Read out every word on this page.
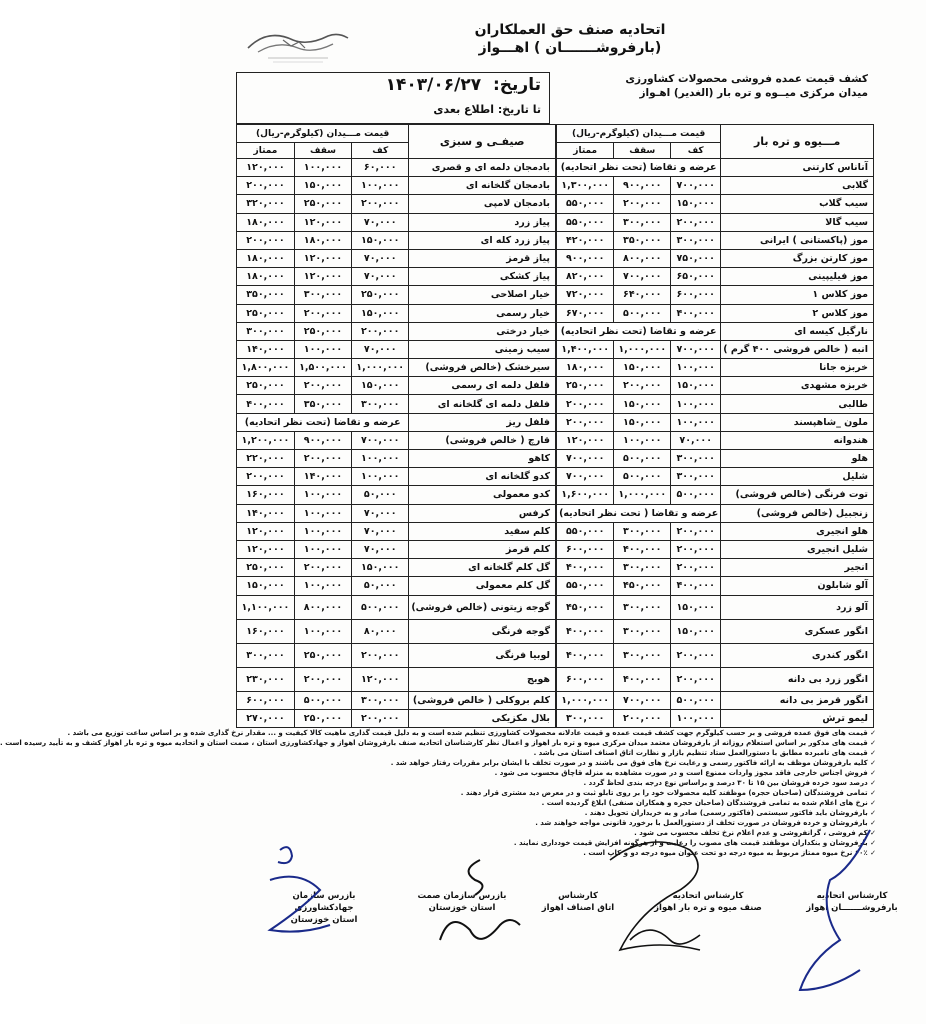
اتحادیه صنف حق العملکاران
(بارفروشـــــــان ) اهـــواز
کشف قیمت عمده فروشی محصولات کشاورزی
میدان مرکزی میــوه و تره بار (الغدیر) اهـواز
تاریخ: ۱۴۰۳/۰۶/۲۷
تا تاریخ: اطلاع بعدی
مـــیوه و تره بار	قیمت مـــیدان (کیلوگرم-ریال)		
	کف	سقف	ممتاز
آناناس کارتنی	عرضه و تقاضا (تحت نظر اتحادیه)		
گلابی	۷۰۰,۰۰۰	۹۰۰,۰۰۰	۱,۳۰۰,۰۰۰
سیب گلاب	۱۵۰,۰۰۰	۲۰۰,۰۰۰	۵۵۰,۰۰۰
سیب گالا	۲۰۰,۰۰۰	۳۰۰,۰۰۰	۵۵۰,۰۰۰
موز (پاکستانی ) ایرانی	۳۰۰,۰۰۰	۳۵۰,۰۰۰	۴۲۰,۰۰۰
موز کارتن بزرگ	۷۵۰,۰۰۰	۸۰۰,۰۰۰	۹۰۰,۰۰۰
موز فیلیپینی	۶۵۰,۰۰۰	۷۰۰,۰۰۰	۸۲۰,۰۰۰
موز کلاس ۱	۶۰۰,۰۰۰	۶۴۰,۰۰۰	۷۲۰,۰۰۰
موز کلاس ۲	۴۰۰,۰۰۰	۵۰۰,۰۰۰	۶۷۰,۰۰۰
نارگیل کیسه ای	عرضه و تقاضا (تحت نظر اتحادیه)		
انبه ( خالص فروشی ۴۰۰ گرم )	۷۰۰,۰۰۰	۱,۰۰۰,۰۰۰	۱,۴۰۰,۰۰۰
خربزه جانا	۱۰۰,۰۰۰	۱۵۰,۰۰۰	۱۸۰,۰۰۰
خربزه مشهدی	۱۵۰,۰۰۰	۲۰۰,۰۰۰	۲۵۰,۰۰۰
طالبی	۱۰۰,۰۰۰	۱۵۰,۰۰۰	۲۰۰,۰۰۰
ملون _شاهپسند	۱۰۰,۰۰۰	۱۵۰,۰۰۰	۲۰۰,۰۰۰
هندوانه	۷۰,۰۰۰	۱۰۰,۰۰۰	۱۲۰,۰۰۰
هلو	۳۰۰,۰۰۰	۵۰۰,۰۰۰	۷۰۰,۰۰۰
شلیل	۳۰۰,۰۰۰	۵۰۰,۰۰۰	۷۰۰,۰۰۰
توت فرنگی (خالص فروشی)	۵۰۰,۰۰۰	۱,۰۰۰,۰۰۰	۱,۶۰۰,۰۰۰
زنجبیل (خالص فروشی)	عرضه و تقاضا ( تحت نظر اتحادیه)		
هلو انجیری	۲۰۰,۰۰۰	۳۰۰,۰۰۰	۵۵۰,۰۰۰
شلیل انجیری	۲۰۰,۰۰۰	۴۰۰,۰۰۰	۶۰۰,۰۰۰
انجیر	۲۰۰,۰۰۰	۳۰۰,۰۰۰	۴۰۰,۰۰۰
آلو شابلون	۴۰۰,۰۰۰	۴۵۰,۰۰۰	۵۵۰,۰۰۰
آلو زرد	۱۵۰,۰۰۰	۳۰۰,۰۰۰	۴۵۰,۰۰۰
انگور عسکری	۱۵۰,۰۰۰	۳۰۰,۰۰۰	۴۰۰,۰۰۰
انگور کندری	۲۰۰,۰۰۰	۳۰۰,۰۰۰	۴۰۰,۰۰۰
انگور زرد بی دانه	۲۰۰,۰۰۰	۴۰۰,۰۰۰	۶۰۰,۰۰۰
انگور قرمز بی دانه	۵۰۰,۰۰۰	۷۰۰,۰۰۰	۱,۰۰۰,۰۰۰
لیمو ترش	۱۰۰,۰۰۰	۲۰۰,۰۰۰	۳۰۰,۰۰۰
صیفـی و سبزی	قیمت مـــیدان (کیلوگرم-ریال)		
	کف	سقف	ممتاز
بادمجان دلمه ای و قصری	۶۰,۰۰۰	۱۰۰,۰۰۰	۱۲۰,۰۰۰
بادمجان گلخانه ای	۱۰۰,۰۰۰	۱۵۰,۰۰۰	۲۰۰,۰۰۰
بادمجان لامپی	۲۰۰,۰۰۰	۲۵۰,۰۰۰	۳۲۰,۰۰۰
پیاز زرد	۷۰,۰۰۰	۱۲۰,۰۰۰	۱۸۰,۰۰۰
پیاز زرد کله ای	۱۵۰,۰۰۰	۱۸۰,۰۰۰	۲۰۰,۰۰۰
پیاز قرمز	۷۰,۰۰۰	۱۲۰,۰۰۰	۱۸۰,۰۰۰
پیاز کشکی	۷۰,۰۰۰	۱۲۰,۰۰۰	۱۸۰,۰۰۰
خیار اصلاحی	۲۵۰,۰۰۰	۳۰۰,۰۰۰	۳۵۰,۰۰۰
خیار رسمی	۱۵۰,۰۰۰	۲۰۰,۰۰۰	۲۵۰,۰۰۰
خیار درختی	۲۰۰,۰۰۰	۲۵۰,۰۰۰	۳۰۰,۰۰۰
سیب زمینی	۷۰,۰۰۰	۱۰۰,۰۰۰	۱۴۰,۰۰۰
سیرخشک (خالص فروشی)	۱,۰۰۰,۰۰۰	۱,۵۰۰,۰۰۰	۱,۸۰۰,۰۰۰
فلفل دلمه ای رسمی	۱۵۰,۰۰۰	۲۰۰,۰۰۰	۲۵۰,۰۰۰
فلفل دلمه ای گلخانه ای	۳۰۰,۰۰۰	۳۵۰,۰۰۰	۴۰۰,۰۰۰
فلفل ریز	عرضه و تقاضا (تحت نظر اتحادیه)		
قارچ ( خالص فروشی)	۷۰۰,۰۰۰	۹۰۰,۰۰۰	۱,۲۰۰,۰۰۰
کاهو	۱۰۰,۰۰۰	۲۰۰,۰۰۰	۲۲۰,۰۰۰
کدو گلخانه ای	۱۰۰,۰۰۰	۱۴۰,۰۰۰	۲۰۰,۰۰۰
کدو معمولی	۵۰,۰۰۰	۱۰۰,۰۰۰	۱۶۰,۰۰۰
کرفس	۷۰,۰۰۰	۱۰۰,۰۰۰	۱۴۰,۰۰۰
کلم سفید	۷۰,۰۰۰	۱۰۰,۰۰۰	۱۲۰,۰۰۰
کلم قرمز	۷۰,۰۰۰	۱۰۰,۰۰۰	۱۲۰,۰۰۰
گل کلم گلخانه ای	۱۵۰,۰۰۰	۲۰۰,۰۰۰	۲۵۰,۰۰۰
گل کلم معمولی	۵۰,۰۰۰	۱۰۰,۰۰۰	۱۵۰,۰۰۰
گوجه زیتونی (خالص فروشی)	۵۰۰,۰۰۰	۸۰۰,۰۰۰	۱,۱۰۰,۰۰۰
گوجه فرنگی	۸۰,۰۰۰	۱۰۰,۰۰۰	۱۶۰,۰۰۰
لوبیا فرنگی	۲۰۰,۰۰۰	۲۵۰,۰۰۰	۳۰۰,۰۰۰
هویج	۱۲۰,۰۰۰	۲۰۰,۰۰۰	۲۳۰,۰۰۰
کلم بروکلی ( خالص فروشی)	۳۰۰,۰۰۰	۵۰۰,۰۰۰	۶۰۰,۰۰۰
بلال مکزیکی	۲۰۰,۰۰۰	۲۵۰,۰۰۰	۲۷۰,۰۰۰

✓ قیمت های فوق عمده فروشی و بر حسب کیلوگرم جهت کشف قیمت عمده و قیمت عادلانه محصولات کشاورزی تنظیم شده است و به دلیل قیمت گذاری ماهیت کالا کیفیت و ... مقدار نرخ گذاری شده و بر اساس ساعت توزیع می باشد .

✓ قیمت های مذکور بر اساس استعلام روزانه از بارفروشان معتمد میدان مرکزی میوه و تره بار اهواز و اعمال نظر کارشناسان اتحادیه صنف بارفروشان اهواز و جهادکشاورزی استان ، صمت استان و اتحادیه میوه و تره بار اهواز کشف و به تأیید رسیده است .

✓ قیمت های نامبرده مطابق با دستورالعمل ستاد تنظیم بازار و نظارت اتاق اصناف استان می باشد .

✓ کلیه بارفروشان موظف به ارائه فاکتور رسمی و رعایت نرخ های فوق می باشند و در صورت تخلف با ایشان برابر مقررات رفتار خواهد شد .

✓ فروش اجناس خارجی فاقد مجوز واردات ممنوع است و در صورت مشاهده به منزله قاچاق محسوب می شود .

✓ درصد سود خرده فروشان بین ۱۵ تا ۳۰ درصد و براساس نوع درجه بندی لحاظ گردد .

✓ تمامی فروشندگان (صاحبان حجره) موظفند کلیه محصولات خود را بر روی تابلو ثبت و در معرض دید مشتری قرار دهند .

✓ نرخ های اعلام شده به تمامی فروشندگان (صاحبان حجره و همکاران صنفی) ابلاغ گردیده است .

✓ بارفروشان باید فاکتور سیستمی (فاکتور رسمی) صادر و به خریداران تحویل دهند .

✓ بارفروشان و خرده فروشان در صورت تخلف از دستورالعمل با برخورد قانونی مواجه خواهند شد .

✓ کم فروشی ، گرانفروشی و عدم اعلام نرخ تخلف محسوب می شود .

✓ بارفروشان و بنکداران موظفند قیمت های مصوب را رعایت و از هرگونه افزایش قیمت خودداری نمایند .

✓ ۶۰٪ نرخ میوه ممتاز مربوط به میوه درجه دو تحت عنوان میوه درجه دو و کاپ است .

کارشناس اتحادیه
بارفروشـــــــان اهواز
کارشناس اتحادیه
صنف میوه و تره بار اهواز
کارشناس
اتاق اصناف اهواز
بازرس سازمان صمت
استان خوزستان
بازرس سازمان جهادکشاورزی
استان خوزستان
